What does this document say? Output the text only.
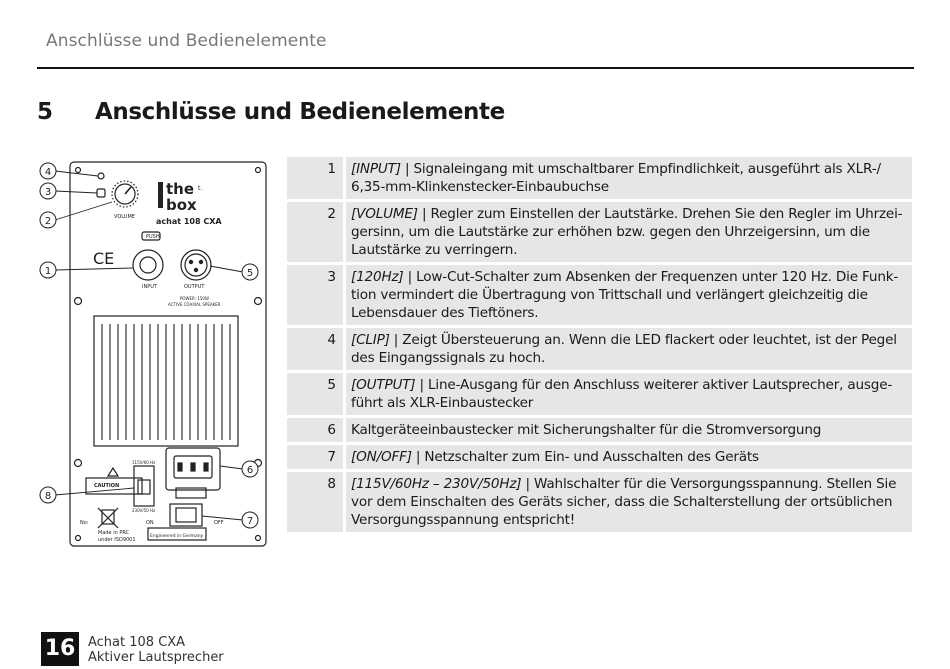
Anschlüsse und Bedienelemente
5 Anschlüsse und Bedienelemente
the
box
t.
achat 108 CXA
VOLUME
PUSH
INPUT	OUTPUT
CE
POWER: 150W
ACTIVE COAXIAL SPEAKER
CAUTION
115V/60 Hz
230V/50 Hz
ON	OFF
No:
Made in PRC
under ISO9001
Engineered in Germany
4
3
2
1	5
6
7
8
1	[INPUT] | Signaleingang mit umschaltbarer Empfindlichkeit, ausgeführt als XLR-/ 6,35-mm-Klinkenstecker-Einbaubuchse
2	[VOLUME] | Regler zum Einstellen der Lautstärke. Drehen Sie den Regler im Uhrzei-gersinn, um die Lautstärke zur erhöhen bzw. gegen den Uhrzeigersinn, um die Lautstärke zu verringern.
3	[120Hz] | Low-Cut-Schalter zum Absenken der Frequenzen unter 120 Hz. Die Funk-tion vermindert die Übertragung von Trittschall und verlängert gleichzeitig die Lebensdauer des Tieftöners.
4	[CLIP] | Zeigt Übersteuerung an. Wenn die LED flackert oder leuchtet, ist der Pegel des Eingangssignals zu hoch.
5	[OUTPUT] | Line-Ausgang für den Anschluss weiterer aktiver Lautsprecher, ausge-führt als XLR-Einbaustecker
6	Kaltgeräteeinbaustecker mit Sicherungshalter für die Stromversorgung
7	[ON/OFF] | Netzschalter zum Ein- und Ausschalten des Geräts
8	[115V/60Hz – 230V/50Hz] | Wahlschalter für die Versorgungsspannung. Stellen Sie vor dem Einschalten des Geräts sicher, dass die Schalterstellung der ortsüblichen Versorgungsspannung entspricht!
16 Achat 108 CXA
Aktiver Lautsprecher
